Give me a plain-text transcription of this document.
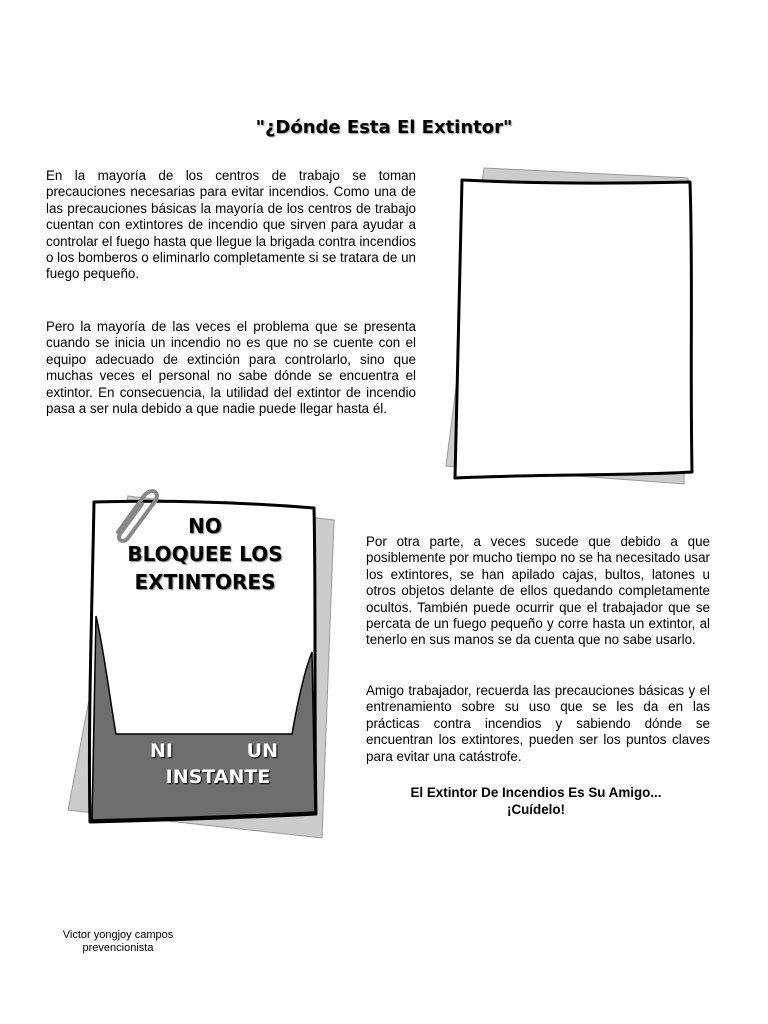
"¿Dónde Esta El Extintor"

En la mayoría de los centros de trabajo se toman precauciones necesarias para evitar incendios. Como una de las precauciones básicas la mayoría de los centros de trabajo cuentan con extintores de incendio que sirven para ayudar a controlar el fuego hasta que llegue la brigada contra incendios o los bomberos o eliminarlo completamente si se tratara de un fuego pequeño.

Pero la mayoría de las veces el problema que se presenta cuando se inicia un incendio no es que no se cuente con el equipo adecuado de extinción para controlarlo, sino que muchas veces el personal no sabe dónde se encuentra el extintor. En consecuencia, la utilidad del extintor de incendio pasa a ser nula debido a que nadie puede llegar hasta él.

Por otra parte, a veces sucede que debido a que posiblemente por mucho tiempo no se ha necesitado usar los extintores, se han apilado cajas, bultos, latones u otros objetos delante de ellos quedando completamente ocultos. También puede ocurrir que el trabajador que se percata de un fuego pequeño y corre hasta un extintor, al tenerlo en sus manos se da cuenta que no sabe usarlo.

Amigo trabajador, recuerda las precauciones básicas y el entrenamiento sobre su uso que se les da en las prácticas contra incendios y sabiendo dónde se encuentran los extintores, pueden ser los puntos claves para evitar una catástrofe.

El Extintor De Incendios Es Su Amigo...
¡Cuídelo!
NO
BLOQUEE LOS
EXTINTORES
NI	UN
INSTANTE
Victor yongjoy campos
prevencionista
